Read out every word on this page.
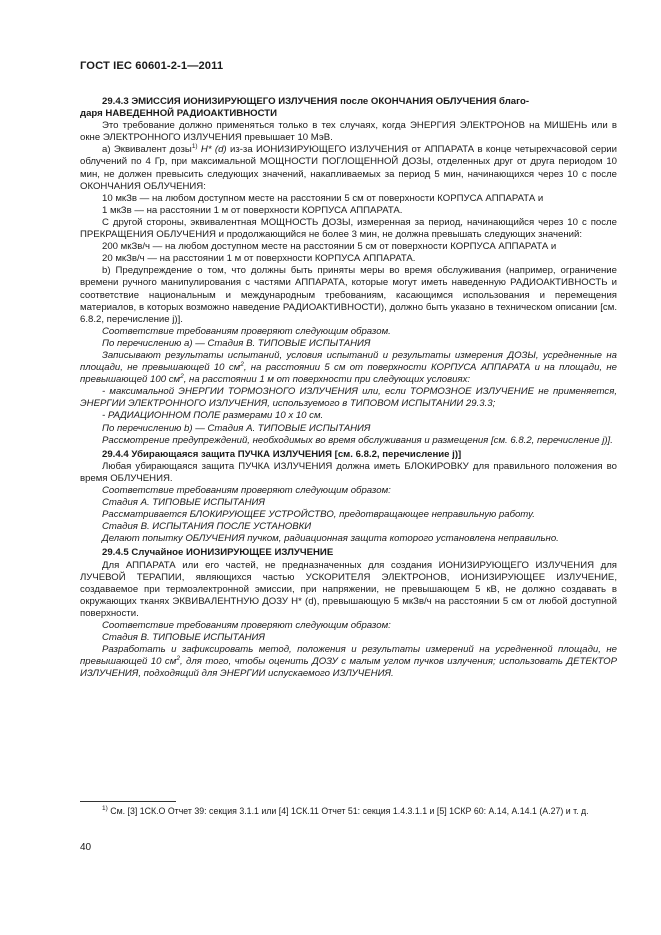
ГОСТ IEC 60601-2-1—2011

29.4.3 ЭМИССИЯ ИОНИЗИРУЮЩЕГО ИЗЛУЧЕНИЯ после ОКОНЧАНИЯ ОБЛУЧЕНИЯ благо-
даря НАВЕДЕННОЙ РАДИОАКТИВНОСТИ

Это требование должно применяться только в тех случаях, когда ЭНЕРГИЯ ЭЛЕКТРОНОВ на МИШЕНЬ или в окне ЭЛЕКТРОННОГО ИЗЛУЧЕНИЯ превышает 10 МэВ.

а) Эквивалент дозы$^{1)}$ H* (d) из-за ИОНИЗИРУЮЩЕГО ИЗЛУЧЕНИЯ от АППАРАТА в конце четырехчасовой серии облучений по 4 Гр, при максимальной МОЩНОСТИ ПОГЛОЩЕННОЙ ДОЗЫ, отделенных друг от друга периодом 10 мин, не должен превысить следующих значений, накапливаемых за период 5 мин, начинающихся через 10 с после ОКОНЧАНИЯ ОБЛУЧЕНИЯ:

10 мкЗв — на любом доступном месте на расстоянии 5 см от поверхности КОРПУСА АППАРАТА и

1 мкЗв — на расстоянии 1 м от поверхности КОРПУСА АППАРАТА.

С другой стороны, эквивалентная МОЩНОСТЬ ДОЗЫ, измеренная за период, начинающийся через 10 с после ПРЕКРАЩЕНИЯ ОБЛУЧЕНИЯ и продолжающийся не более 3 мин, не должна превышать следующих значений:

200 мкЗв/ч — на любом доступном месте на расстоянии 5 см от поверхности КОРПУСА АППАРАТА и

20 мкЗв/ч — на расстоянии 1 м от поверхности КОРПУСА АППАРАТА.

b) Предупреждение о том, что должны быть приняты меры во время обслуживания (например, ограничение времени ручного манипулирования с частями АППАРАТА, которые могут иметь наведенную РАДИОАКТИВНОСТЬ и соответствие национальным и международным требованиям, касающимся использования и перемещения материалов, в которых возможно наведение РАДИОАКТИВНОСТИ), должно быть указано в техническом описании [см. 6.8.2, перечисление j)].

Соответствие требованиям проверяют следующим образом.

По перечислению а) — Стадия В. ТИПОВЫЕ ИСПЫТАНИЯ

Записывают результаты испытаний, условия испытаний и результаты измерения ДОЗЫ, усредненные на площади, не превышающей 10 $см^2$, на расстоянии 5 см от поверхности КОРПУСА АППАРАТА и на площади, не превышающей 100 $см^2$, на расстоянии 1 м от поверхности при следующих условиях:

- максимальной ЭНЕРГИИ ТОРМОЗНОГО ИЗЛУЧЕНИЯ или, если ТОРМОЗНОЕ ИЗЛУЧЕНИЕ не применяется, ЭНЕРГИИ ЭЛЕКТРОННОГО ИЗЛУЧЕНИЯ, используемого в ТИПОВОМ ИСПЫТАНИИ 29.3.3;

- РАДИАЦИОННОМ ПОЛЕ размерами 10 х 10 см.

По перечислению b) — Стадия А. ТИПОВЫЕ ИСПЫТАНИЯ

Рассмотрение предупреждений, необходимых во время обслуживания и размещения [см. 6.8.2, перечисление j)].

29.4.4 Убирающаяся защита ПУЧКА ИЗЛУЧЕНИЯ [см. 6.8.2, перечисление j)]

Любая убирающаяся защита ПУЧКА ИЗЛУЧЕНИЯ должна иметь БЛОКИРОВКУ для правильного положения во время ОБЛУЧЕНИЯ.

Соответствие требованиям проверяют следующим образом:

Стадия А. ТИПОВЫЕ ИСПЫТАНИЯ

Рассматривается БЛОКИРУЮЩЕЕ УСТРОЙСТВО, предотвращающее неправильную работу.

Стадия В. ИСПЫТАНИЯ ПОСЛЕ УСТАНОВКИ

Делают попытку ОБЛУЧЕНИЯ пучком, радиационная защита которого установлена неправильно.

29.4.5 Случайное ИОНИЗИРУЮЩЕЕ ИЗЛУЧЕНИЕ

Для АППАРАТА или его частей, не предназначенных для создания ИОНИЗИРУЮЩЕГО ИЗЛУЧЕНИЯ для ЛУЧЕВОЙ ТЕРАПИИ, являющихся частью УСКОРИТЕЛЯ ЭЛЕКТРОНОВ, ИОНИЗИРУЮЩЕЕ ИЗЛУЧЕНИЕ, создаваемое при термоэлектронной эмиссии, при напряжении, не превышающем 5 кВ, не должно создавать в окружающих тканях ЭКВИВАЛЕНТНУЮ ДОЗУ H* (d), превышающую 5 мкЗв/ч на расстоянии 5 см от любой доступной поверхности.

Соответствие требованиям проверяют следующим образом:

Стадия В. ТИПОВЫЕ ИСПЫТАНИЯ

Разработать и зафиксировать метод, положения и результаты измерений на усредненной площади, не превышающей 10 $см^2$, для того, чтобы оценить ДОЗУ с малым углом пучков излучения; использовать ДЕТЕКТОР ИЗЛУЧЕНИЯ, подходящий для ЭНЕРГИИ испускаемого ИЗЛУЧЕНИЯ.

$^{1)}$ См. [3] 1СК.О Отчет 39: секция 3.1.1 или [4] 1СК.11 Отчет 51: секция 1.4.3.1.1 и [5] 1СКР 60: А.14, А.14.1 (А.27) и т. д.
40
